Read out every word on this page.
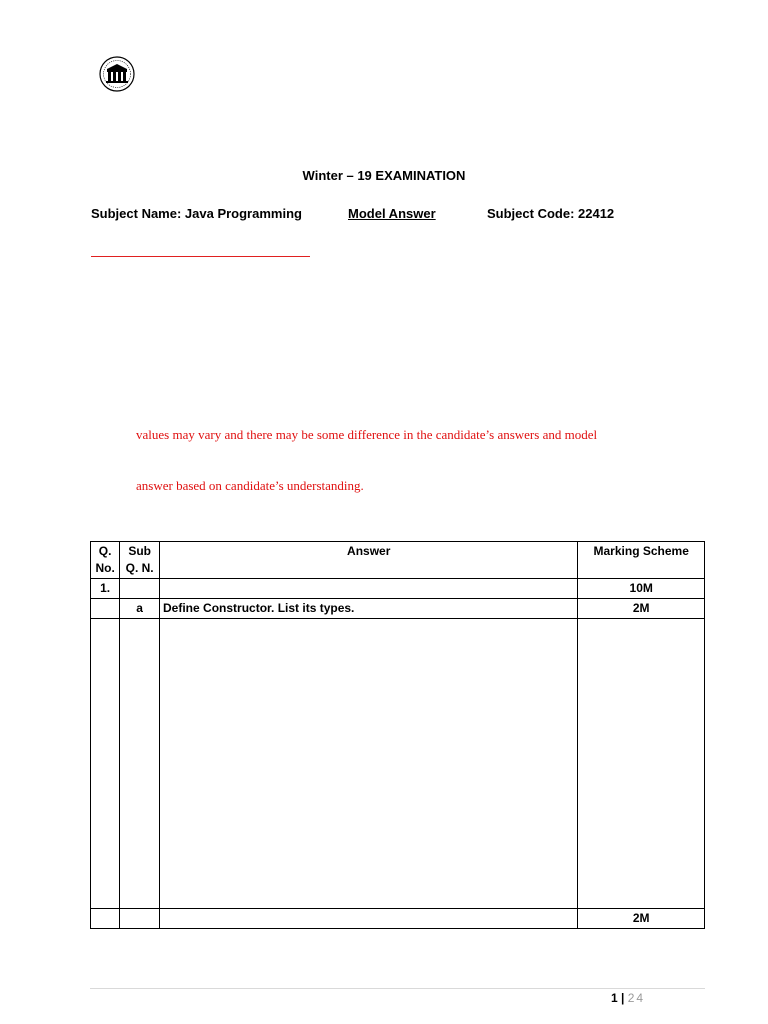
Winter – 19 EXAMINATION
Subject Name: Java Programming	Model Answer	Subject Code: 22412
values may vary and there may be some difference in the candidate’s answers and model
answer based on candidate’s understanding.
Q. No.	Sub Q. N.	Answer	Marking Scheme
1.			10M
	a	Define Constructor. List its types.	2M

			2M
1 | 24
